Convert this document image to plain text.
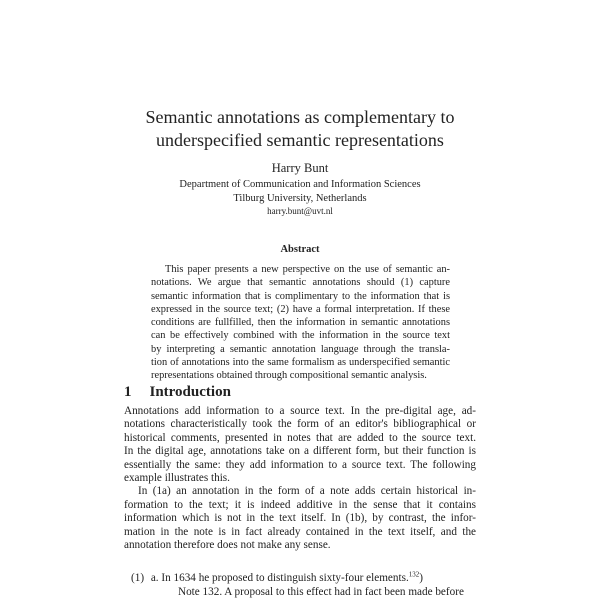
Semantic annotations as complementary to
underspecified semantic representations
Harry Bunt
Department of Communication and Information Sciences
Tilburg University, Netherlands
harry.bunt@uvt.nl
Abstract
This paper presents a new perspective on the use of semantic an-
notations. We argue that semantic annotations should (1) capture
semantic information that is complimentary to the information that is
expressed in the source text; (2) have a formal interpretation. If these
conditions are fullfilled, then the information in semantic annotations
can be effectively combined with the information in the source text
by interpreting a semantic annotation language through the transla-
tion of annotations into the same formalism as underspecified semantic
representations obtained through compositional semantic analysis.
1 Introduction
Annotations add information to a source text. In the pre-digital age, ad-
notations characteristically took the form of an editor's bibliographical or
historical comments, presented in notes that are added to the source text.
In the digital age, annotations take on a different form, but their function is
essentially the same: they add information to a source text. The following
example illustrates this.
In (1a) an annotation in the form of a note adds certain historical in-
formation to the text; it is indeed additive in the sense that it contains
information which is not in the text itself. In (1b), by contrast, the infor-
mation in the note is in fact already contained in the text itself, and the
annotation therefore does not make any sense.
(1) a. In 1634 he proposed to distinguish sixty-four elements.$^{132}$)
Note 132. A proposal to this effect had in fact been made before
